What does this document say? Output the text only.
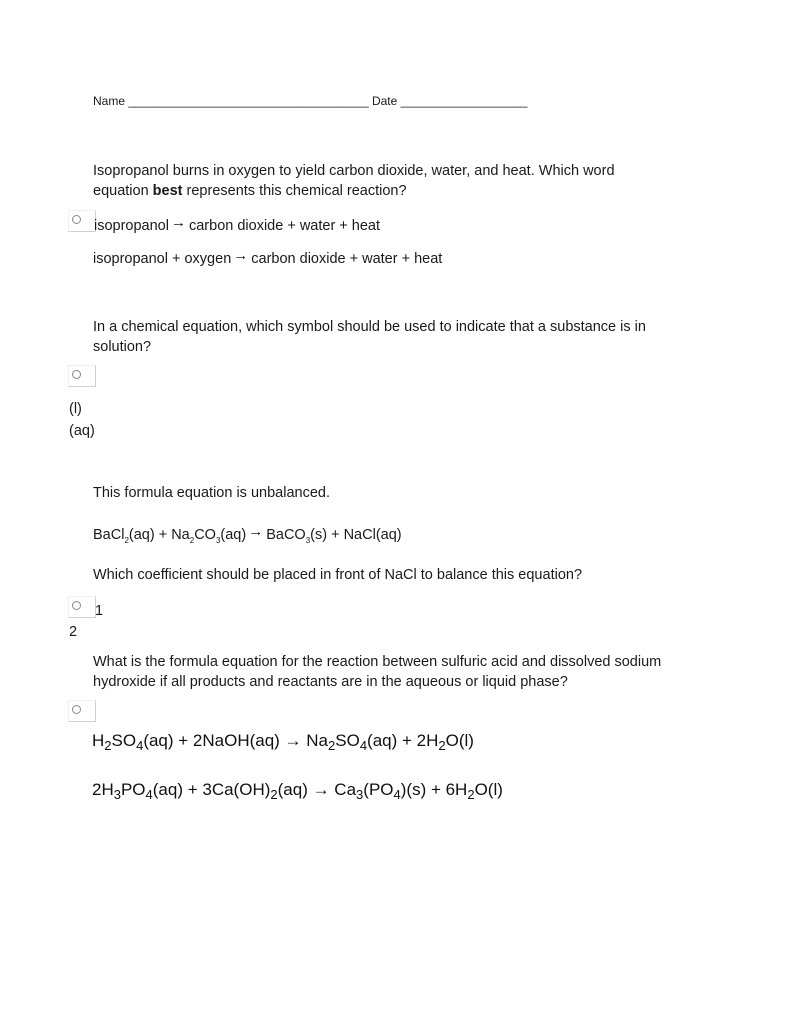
Name ____________________________________ Date ___________________
Isopropanol burns in oxygen to yield carbon dioxide, water, and heat. Which word equation best represents this chemical reaction?
isopropanol → carbon dioxide + water + heat
isopropanol + oxygen → carbon dioxide + water + heat
In a chemical equation, which symbol should be used to indicate that a substance is in solution?
(l)
(aq)
This formula equation is unbalanced.
BaCl$_2$(aq) + $Na_2CO_3(aq)$ → BaCO$_3$(s) + NaCl(aq)
Which coefficient should be placed in front of NaCl to balance this equation?
1
2
What is the formula equation for the reaction between sulfuric acid and dissolved sodium hydroxide if all products and reactants are in the aqueous or liquid phase?
$H_2SO_4(aq)$ + 2NaOH(aq) → $Na_2SO_4(aq) + 2H_2O(l)$
$2H_3PO_4(aq) + 3Ca(OH)_2(aq) \to Ca_3(PO_4)(s) + 6H_2O(l)$
